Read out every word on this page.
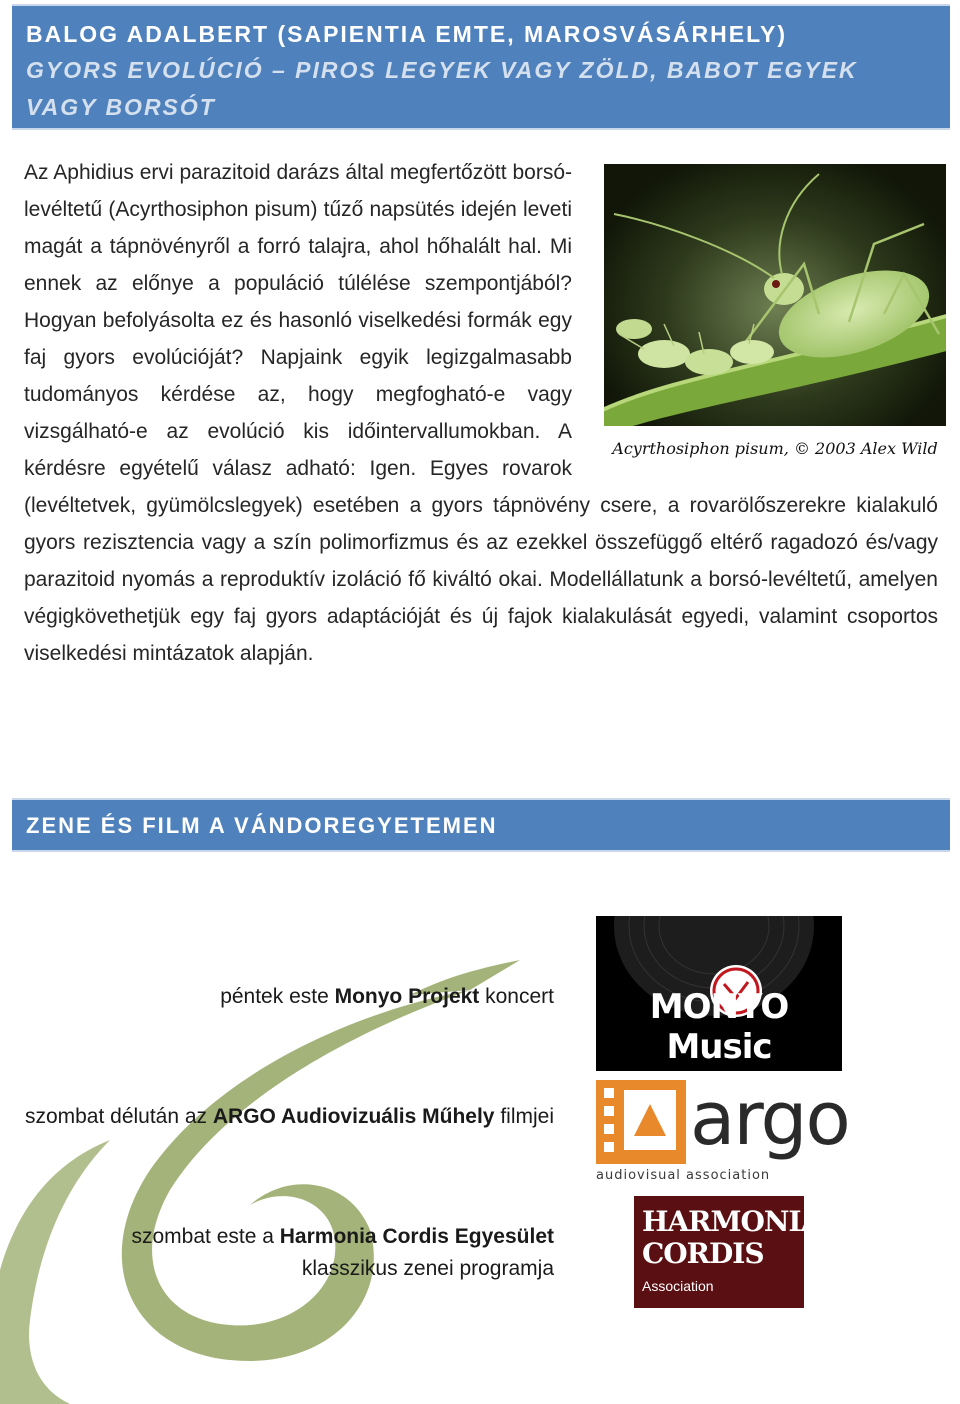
BALOG ADALBERT (SAPIENTIA EMTE, MAROSVÁSÁRHELY)
GYORS EVOLÚCIÓ – PIROS LEGYEK VAGY ZÖLD, BABOT EGYEK VAGY BORSÓT
Acyrthosiphon pisum, © 2003 Alex Wild

Az Aphidius ervi parazitoid darázs által megfertőzött borsó-levéltetű (Acyrthosiphon pisum) tűző napsütés idején leveti magát a tápnövényről a forró talajra, ahol hőhalált hal. Mi ennek az előnye a populáció túlélése szempontjából? Hogyan befolyásolta ez és hasonló viselkedési formák egy faj gyors evolúcióját? Napjaink egyik legizgalmasabb tudományos kérdése az, hogy megfogható-e vagy vizsgálható-e az evolúció kis időintervallumokban. A kérdésre egyételű válasz adható: Igen. Egyes rovarok (levéltetvek, gyümölcslegyek) esetében a gyors tápnövény csere, a rovarölőszerekre kialakuló gyors rezisztencia vagy a szín polimorfizmus és az ezekkel összefüggő eltérő ragadozó és/vagy parazitoid nyomás a reproduktív izoláció fő kiváltó okai. Modellállatunk a borsó-levéltetű, amelyen végigkövethetjük egy faj gyors adaptációját és új fajok kialakulását egyedi, valamint csoportos viselkedési mintázatok alapján.

ZENE ÉS FILM A VÁNDOREGYETEMEN
péntek este Monyo Projekt koncert
szombat délután az ARGO Audiovizuális Műhely filmjei
szombat este a Harmonia Cordis Egyesület klasszikus zenei programja
MONYO Music
argo
audiovisual association
HARMONIA
CORDIS
Association
